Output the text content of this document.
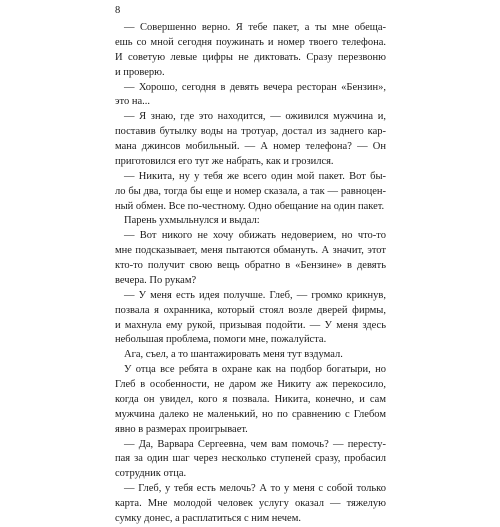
8
— Совершенно верно. Я тебе пакет, а ты мне обеща-
ешь со мной сегодня поужинать и номер твоего телефона.
И советую левые цифры не диктовать. Сразу перезвоню
и проверю.
— Хорошо, сегодня в девять вечера ресторан «Бензин»,
это на...
— Я знаю, где это находится, — оживился мужчина и,
поставив бутылку воды на тротуар, достал из заднего кар-
мана джинсов мобильный. — А номер телефона? — Он
приготовился его тут же набрать, как и грозился.
— Никита, ну у тебя же всего один мой пакет. Вот бы-
ло бы два, тогда бы еще и номер сказала, а так — равноцен-
ный обмен. Все по-честному. Одно обещание на один пакет.
Парень ухмыльнулся и выдал:
— Вот никого не хочу обижать недоверием, но что-то
мне подсказывает, меня пытаются обмануть. А значит, этот
кто-то получит свою вещь обратно в «Бензине» в девять
вечера. По рукам?
— У меня есть идея получше. Глеб, — громко крикнув,
позвала я охранника, который стоял возле дверей фирмы,
и махнула ему рукой, призывая подойти. — У меня здесь
небольшая проблема, помоги мне, пожалуйста.
Ага, съел, а то шантажировать меня тут вздумал.
У отца все ребята в охране как на подбор богатыри, но
Глеб в особенности, не даром же Никиту аж перекосило,
когда он увидел, кого я позвала. Никита, конечно, и сам
мужчина далеко не маленький, но по сравнению с Глебом
явно в размерах проигрывает.
— Да, Варвара Сергеевна, чем вам помочь? — пересту-
пая за один шаг через несколько ступеней сразу, пробасил
сотрудник отца.
— Глеб, у тебя есть мелочь? А то у меня с собой только
карта. Мне молодой человек услугу оказал — тяжелую
сумку донес, а расплатиться с ним нечем.
